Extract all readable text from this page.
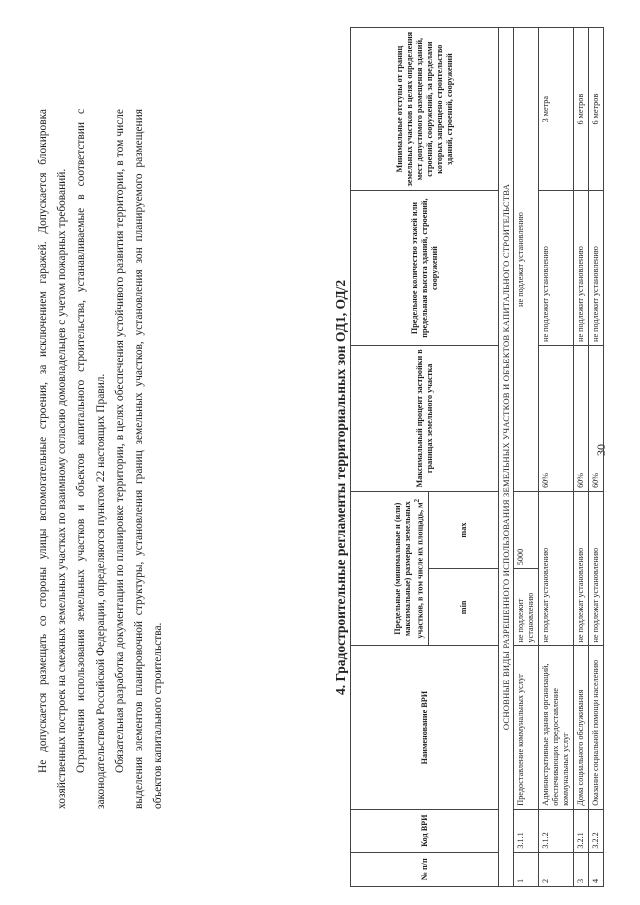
30

Не допускается размещать со стороны улицы вспомогательные строения, за исключением гаражей. Допускается блокировка хозяйственных построек на смежных земельных участках по взаимному согласию домовладельцев с учетом пожарных требований. Ограничения использования земельных участков и объектов капитального строительства, устанавливаемые в соответствии с законодательством Российской Федерации, определяются пунктом 22 настоящих Правил. Обязательная разработка документации по планировке территории, в целях обеспечения устойчивого развития территории, в том числе выделения элементов планировочной структуры, установления границ земельных участков, установления зон планируемого размещения объектов капитального строительства.

4. Градостроительные регламенты территориальных зон ОД1, ОД/2
№ п/п	Код ВРИ	Наименование ВРИ	Предельные (минимальные и (или) максимальные) размеры земельных участков, в том числе их площадь, $м^2$		Максимальный процент застройки в границах земельного участка	Предельное количество этажей или предельная высота зданий, строений, сооружений	Минимальные отступы от границ земельных участков в целях определения мест допустимого размещения зданий, строений, сооружений, за пределами которых запрещено строительство зданий, строений, сооружений
			min	max			
ОСНОВНЫЕ ВИДЫ РАЗРЕШЕННОГО ИСПОЛЬЗОВАНИЯ ЗЕМЕЛЬНЫХ УЧАСТКОВ И ОБЪЕКТОВ КАПИТАЛЬНОГО СТРОИТЕЛЬСТВА							
1	3.1.1	Предоставление коммунальных услуг	не подлежит установлению	5000	не подлежат установлению		
2	3.1.2	Административные здания организаций, обеспечивающих предоставление коммунальных услуг	не подлежат установлению		60%	не подлежит установлению	3 метра
3	3.2.1	Дома социального обслуживания	не подлежат установлению		60%	не подлежит установлению	6 метров
4	3.2.2	Оказание социальной помощи населению	не подлежат установлению		60%	не подлежит установлению	6 метров
